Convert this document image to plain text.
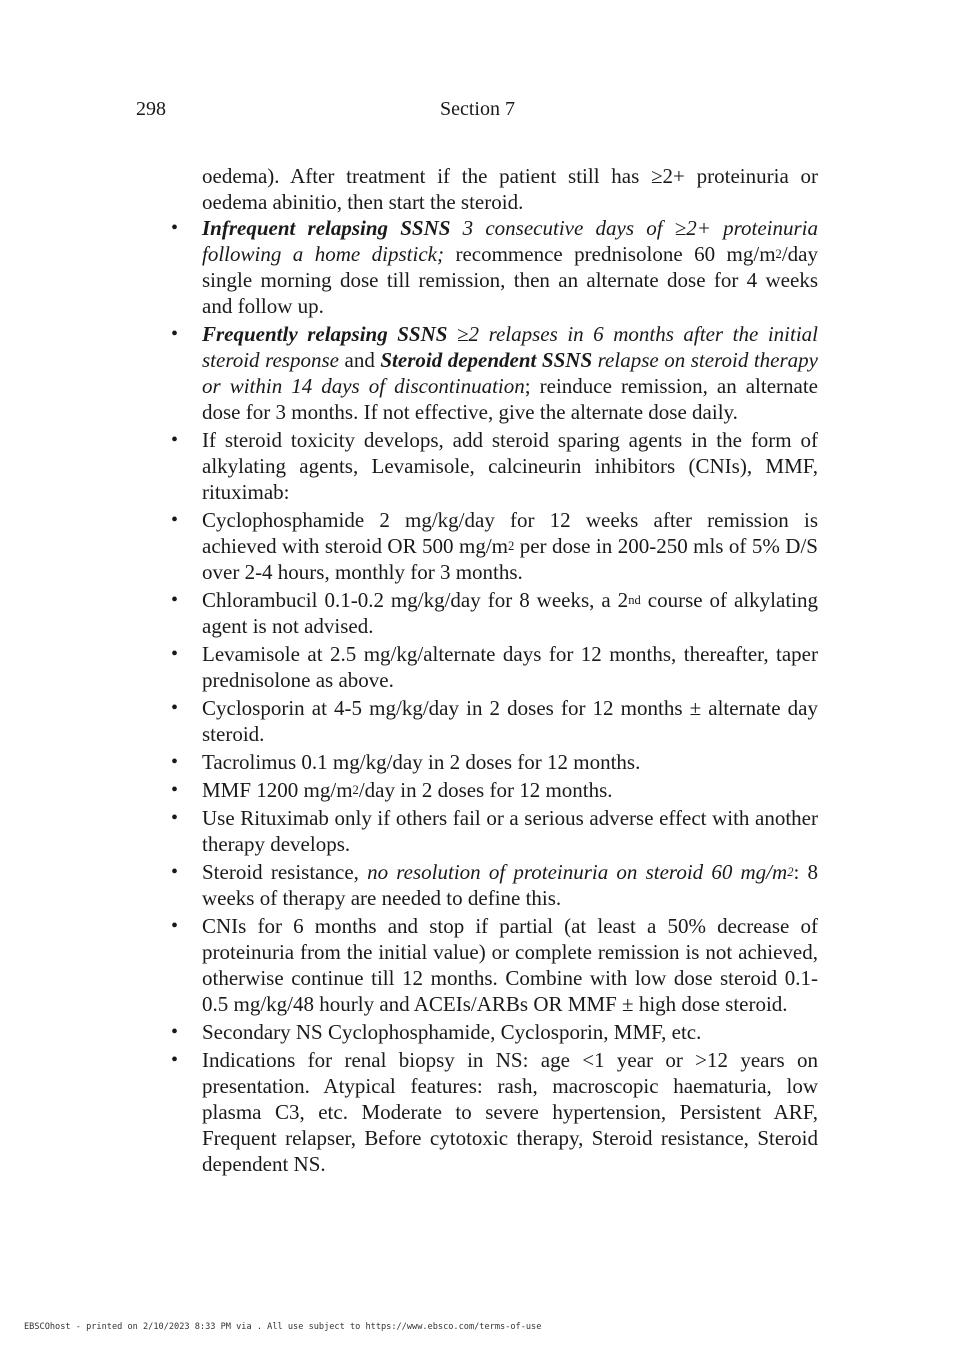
298	Section 7

oedema). After treatment if the patient still has ≥2+ proteinuria or oedema abinitio, then start the steroid.

• Infrequent relapsing SSNS 3 consecutive days of ≥2+ proteinuria following a home dipstick; recommence prednisolone 60 $mg/m^2$/day single morning dose till remission, then an alternate dose for 4 weeks and follow up.
• Frequently relapsing SSNS ≥2 relapses in 6 months after the initial steroid response and Steroid dependent SSNS relapse on steroid therapy or within 14 days of discontinuation; reinduce remission, an alternate dose for 3 months. If not effective, give the alternate dose daily.
• If steroid toxicity develops, add steroid sparing agents in the form of alkylating agents, Levamisole, calcineurin inhibitors (CNIs), MMF, rituximab:
• Cyclophosphamide 2 mg/kg/day for 12 weeks after remission is achieved with steroid OR 500 $mg/m^2$ per dose in 200-250 mls of 5% D/S over 2-4 hours, monthly for 3 months.
• Chlorambucil 0.1-0.2 mg/kg/day for 8 weeks, a 2nd course of alkylating agent is not advised.
• Levamisole at 2.5 mg/kg/alternate days for 12 months, thereafter, taper prednisolone as above.
• Cyclosporin at 4-5 mg/kg/day in 2 doses for 12 months ± alternate day steroid.
• Tacrolimus 0.1 mg/kg/day in 2 doses for 12 months.
• MMF 1200 $mg/m^2$/day in 2 doses for 12 months.
• Use Rituximab only if others fail or a serious adverse effect with another therapy develops.
• Steroid resistance, no resolution of proteinuria on steroid 60 $mg/m^2$: 8 weeks of therapy are needed to define this.
• CNIs for 6 months and stop if partial (at least a 50% decrease of proteinuria from the initial value) or complete remission is not achieved, otherwise continue till 12 months. Combine with low dose steroid 0.1-0.5 mg/kg/48 hourly and ACEIs/ARBs OR MMF ± high dose steroid.
• Secondary NS Cyclophosphamide, Cyclosporin, MMF, etc.
• Indications for renal biopsy in NS: age <1 year or >12 years on presentation. Atypical features: rash, macroscopic haematuria, low plasma C3, etc. Moderate to severe hypertension, Persistent ARF, Frequent relapser, Before cytotoxic therapy, Steroid resistance, Steroid dependent NS.
EBSCOhost - printed on 2/10/2023 8:33 PM via . All use subject to https://www.ebsco.com/terms-of-use
